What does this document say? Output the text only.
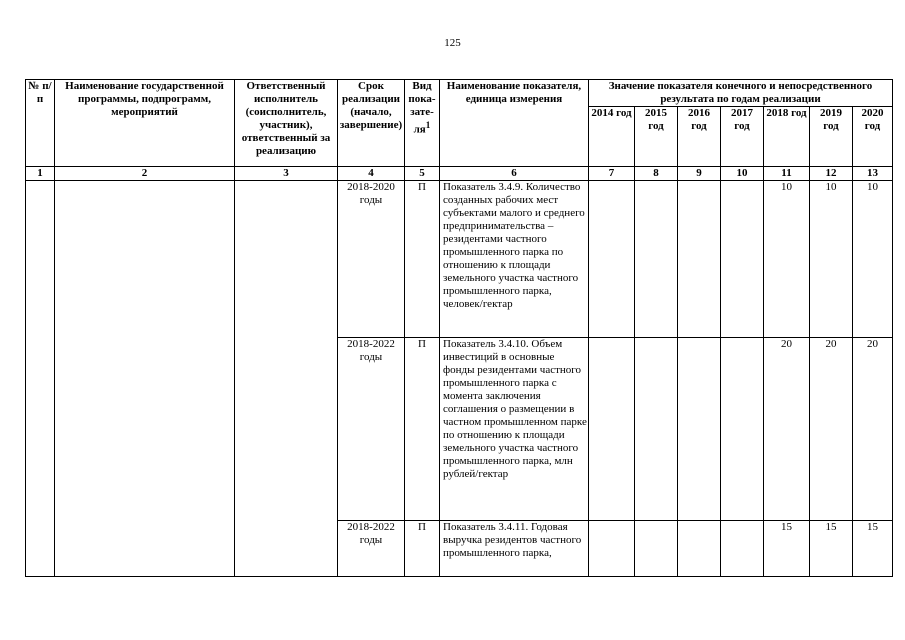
125
№ п/п	Наименование государственной программы, подпрограмм, мероприятий	Ответственный исполнитель (соисполнитель, участник), ответственный за реализацию	Срок реализации (начало, завершение)	Вид пока-$зате-ля^1$	Наименование показателя, единица измерения	Значение показателя конечного и непосредственного результата по годам реализации						
						2014 год	2015 год	2016 год	2017 год	2018 год	2019 год	2020 год
1	2	3	4	5	6	7	8	9	10	11	12	13
			2018-2020 годы	П	Показатель 3.4.9. Количество созданных рабочих мест субъектами малого и среднего предпринимательства – резидентами частного промышленного парка по отношению к площади земельного участка частного промышленного парка, человек/гектар					10	10	10
			2018-2022 годы	П	Показатель 3.4.10. Объем инвестиций в основные фонды резидентами частного промышленного парка с момента заключения соглашения о размещении в частном промышленном парке по отношению к площади земельного участка частного промышленного парка, млн рублей/гектар					20	20	20
			2018-2022 годы	П	Показатель 3.4.11. Годовая выручка резидентов частного промышленного парка,					15	15	15
